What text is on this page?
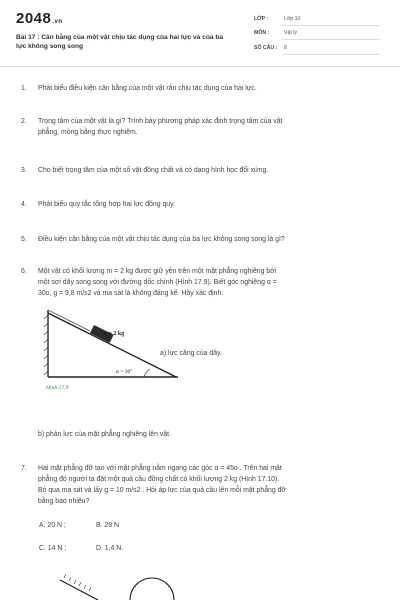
2048.vn
Bài 17 : Cân bằng của một vật chịu tác dụng của hai lực và của ba lực không song song
LỚP :	Lớp 10
MÔN :	Vật lý
SỐ CÂU : 8
1. Phát biểu điều kiện cân bằng của một vật rắn chịu tác dụng của hai lực.
2. Trọng tâm của một vật là gì? Trình bày phương pháp xác định trọng tâm của vật
phẳng, mỏng bằng thực nghiệm.
3. Cho biết trọng tâm của một số vật đồng chất và có dạng hình học đối xứng.
4. Phát biểu quy tắc tổng hợp hai lực đồng quy.
5. Điều kiện cân bằng của một vật chịu tác dụng của ba lực không song song là gì?
6. Một vật có khối lượng m = 2 kg được giữ yên trên một mặt phẳng nghiêng bởi
một sợi dây song song với đường dốc chính (Hình 17.9). Biết góc nghiêng α =
30o, g = 9,8 m/s2 và ma sát là không đáng kể. Hãy xác định:
m = 2 kg
α = 30°
Hình 17.9
a) lực căng của dây.
b) phản lực của mặt phẳng nghiêng lên vật.
7. Hai mặt phẳng đỡ tạo với mặt phẳng nằm ngang các góc α = 45o . Trên hai mặt
phẳng đó người ta đặt một quả cầu đồng chất có khối lượng 2 kg (Hình 17.10).
Bỏ qua ma sát và lấy g = 10 m/s2 . Hỏi áp lực của quả cầu lên mỗi mặt phẳng đỡ
bằng bao nhiêu?
A. 20 N ;	B. 28 N
C. 14 N ;	D. 1,4 N.
